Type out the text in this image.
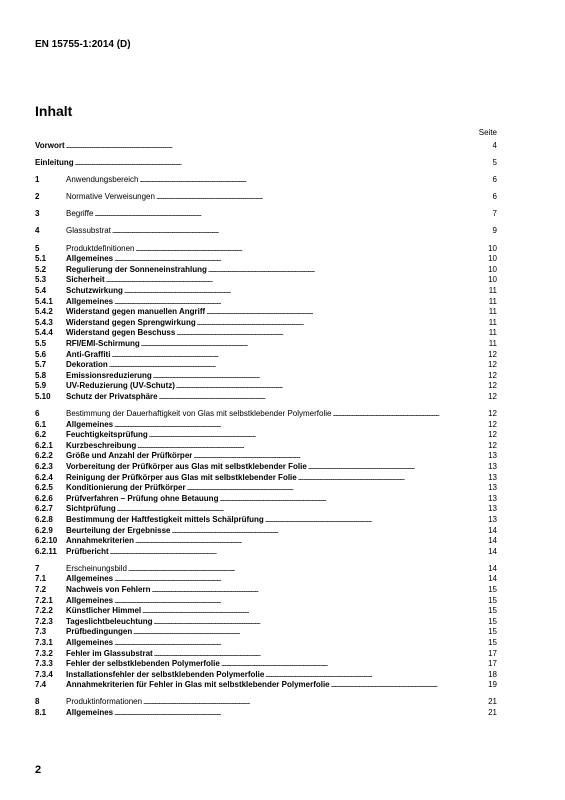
EN 15755-1:2014 (D)
Inhalt
Seite
Vorwort . . .	4
Einleitung . . .	5
1	Anwendungsbereich . . .	6
2	Normative Verweisungen . . .	6
3	Begriffe . . .	7
4	Glassubstrat . . .	9
5	Produktdefinitionen . . .	10
5.1	Allgemeines . . .	10
5.2	Regulierung der Sonneneinstrahlung . . .	10
5.3	Sicherheit . . .	10
5.4	Schutzwirkung . . .	11
5.4.1	Allgemeines . . .	11
5.4.2	Widerstand gegen manuellen Angriff . . .	11
5.4.3	Widerstand gegen Sprengwirkung . . .	11
5.4.4	Widerstand gegen Beschuss . . .	11
5.5	RFI/EMI-Schirmung . . .	11
5.6	Anti-Graffiti . . .	12
5.7	Dekoration . . .	12
5.8	Emissionsreduzierung . . .	12
5.9	UV-Reduzierung (UV-Schutz) . . .	12
5.10	Schutz der Privatsphäre . . .	12
6	Bestimmung der Dauerhaftigkeit von Glas mit selbstklebender Polymerfolie . . .	12
6.1	Allgemeines . . .	12
6.2	Feuchtigkeitsprüfung . . .	12
6.2.1	Kurzbeschreibung . . .	12
6.2.2	Größe und Anzahl der Prüfkörper . . .	13
6.2.3	Vorbereitung der Prüfkörper aus Glas mit selbstklebender Folie . . .	13
6.2.4	Reinigung der Prüfkörper aus Glas mit selbstklebender Folie . . .	13
6.2.5	Konditionierung der Prüfkörper . . .	13
6.2.6	Prüfverfahren – Prüfung ohne Betauung . . .	13
6.2.7	Sichtprüfung . . .	13
6.2.8	Bestimmung der Haftfestigkeit mittels Schälprüfung . . .	13
6.2.9	Beurteilung der Ergebnisse . . .	14
6.2.10	Annahmekriterien . . .	14
6.2.11	Prüfbericht . . .	14
7	Erscheinungsbild . . .	14
7.1	Allgemeines . . .	14
7.2	Nachweis von Fehlern . . .	15
7.2.1	Allgemeines . . .	15
7.2.2	Künstlicher Himmel . . .	15
7.2.3	Tageslichtbeleuchtung . . .	15
7.3	Prüfbedingungen . . .	15
7.3.1	Allgemeines . . .	15
7.3.2	Fehler im Glassubstrat . . .	17
7.3.3	Fehler der selbstklebenden Polymerfolie . . .	17
7.3.4	Installationsfehler der selbstklebenden Polymerfolie . . .	18
7.4	Annahmekriterien für Fehler in Glas mit selbstklebender Polymerfolie . . .	19
8	Produktinformationen . . .	21
8.1	Allgemeines . . .	21
2
